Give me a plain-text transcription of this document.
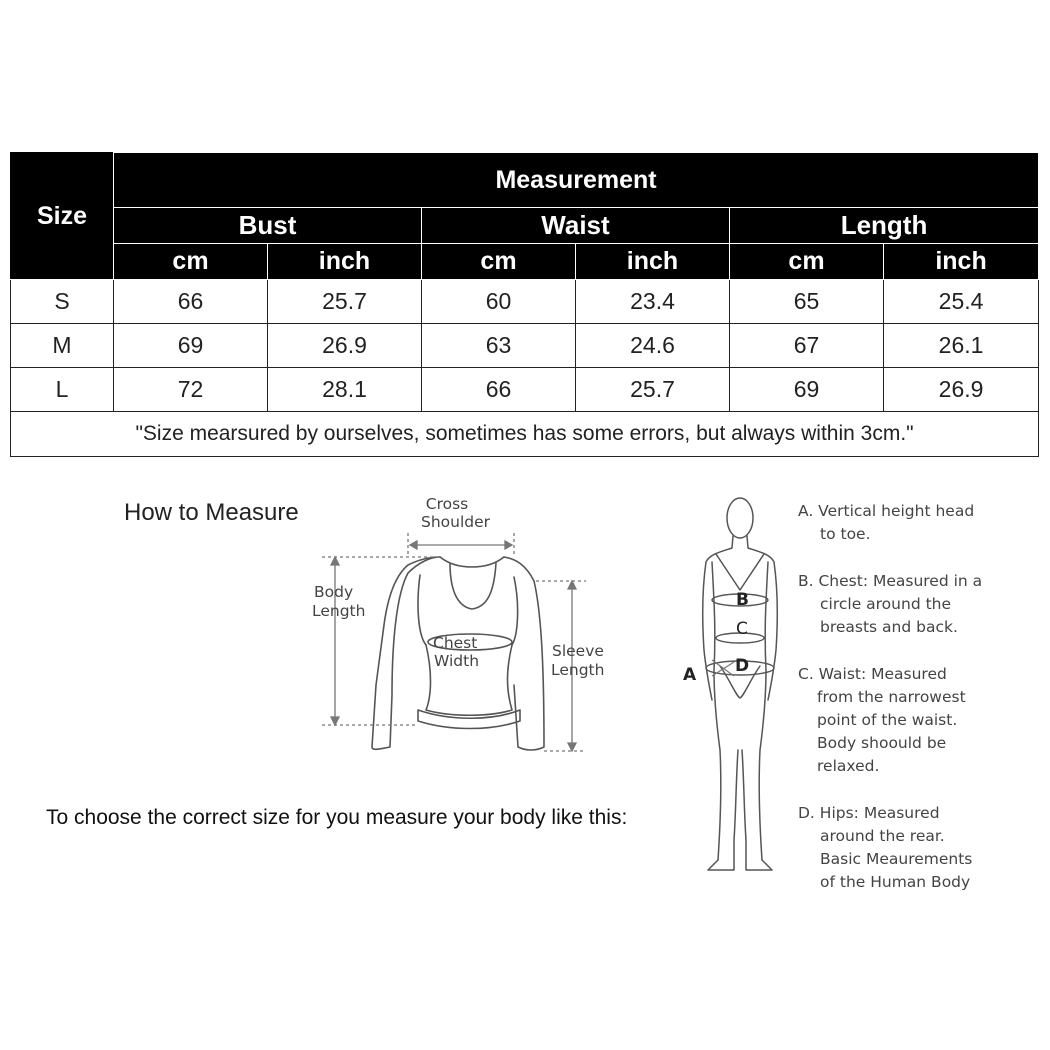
Size	Measurement					
	Bust		Waist		Length	
	cm	inch	cm	inch	cm	inch
S	66	25.7	60	23.4	65	25.4
M	69	26.9	63	24.6	67	26.1
L	72	28.1	66	25.7	69	26.9
"Size mearsured by ourselves, sometimes has some errors, but always within 3cm."						
How to Measure
To choose the correct size for you measure your body like this:
Cross
Shoulder
Body
Length
Chest
Width
Sleeve
Length
B
C
D
A
A. Vertical height head
to toe.
B. Chest: Measured in a
circle around the
breasts and back.
C. Waist: Measured
from the narrowest
point of the waist.
Body shoould be
relaxed.
D. Hips: Measured
around the rear.
Basic Meaurements
of the Human Body
